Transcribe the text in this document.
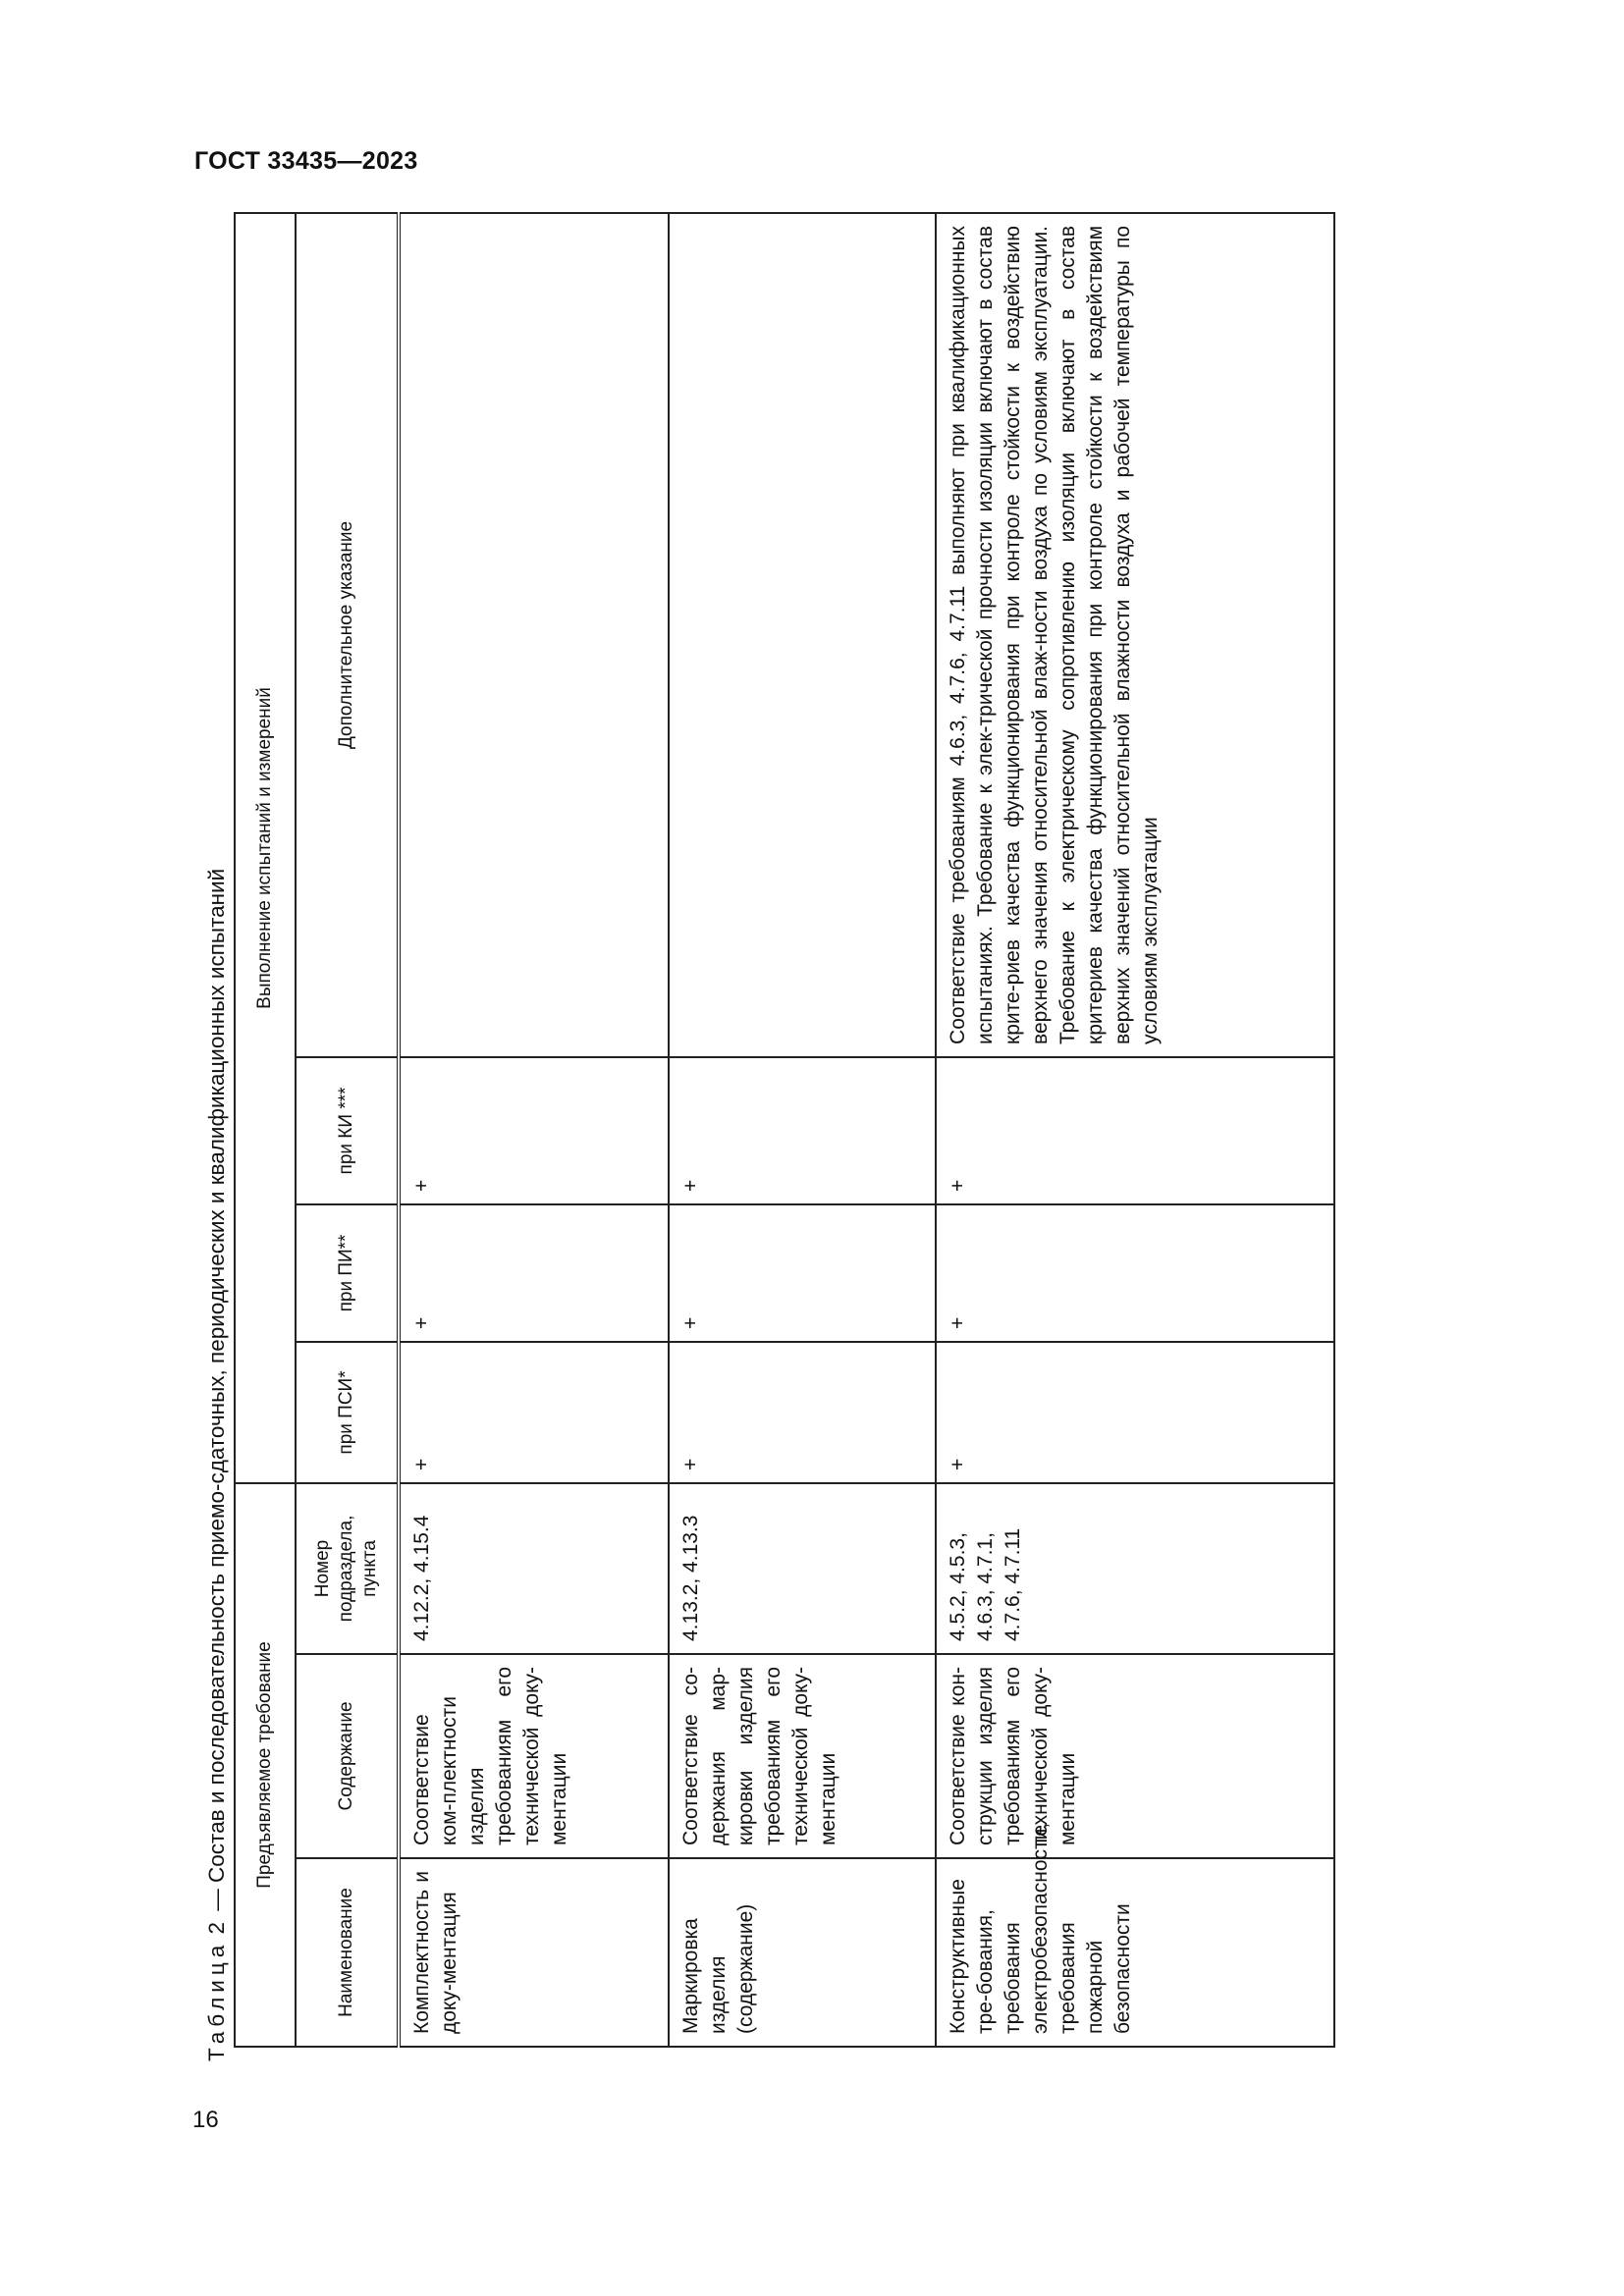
ГОСТ 33435—2023
Таблица 2 — Состав и последовательность приемо-сдаточных, периодических и квалификационных испытаний Предъявляемое требование			Выполнение испытаний и измерений			
Наименование	Содержание	Номер подраздела, пункта	при ПСИ*	при ПИ**	при КИ ***	Дополнительное указание
Комплектность и доку-ментация	Соответствие ком-плектности изделия требованиям его технической доку-ментации	4.12.2, 4.15.4	+	+	+	
Маркировка изделия (содержание)	Соответствие со-держания мар-кировки изделия требованиям его технической доку-ментации	4.13.2, 4.13.3	+	+	+	
Конструктивные тре-бования, требования электробезопасности, требования пожарной безопасности	Соответствие кон-струкции изделия требованиям его технической доку-ментации	4.5.2, 4.5.3, 4.6.3, 4.7.1, 4.7.6, 4.7.11	+	+	+	Соответствие требованиям 4.6.3, 4.7.6, 4.7.11 выполняют при квалификационных испытаниях. Требование к элек-трической прочности изоляции включают в состав крите-риев качества функционирования при контроле стойкости к воздействию верхнего значения относительной влаж-ности воздуха по условиям эксплуатации. Требование к электрическому сопротивлению изоляции включают в состав критериев качества функционирования при контроле стойкости к воздействиям верхних значений относительной влажности воздуха и рабочей температуры по условиям эксплуатации
16
